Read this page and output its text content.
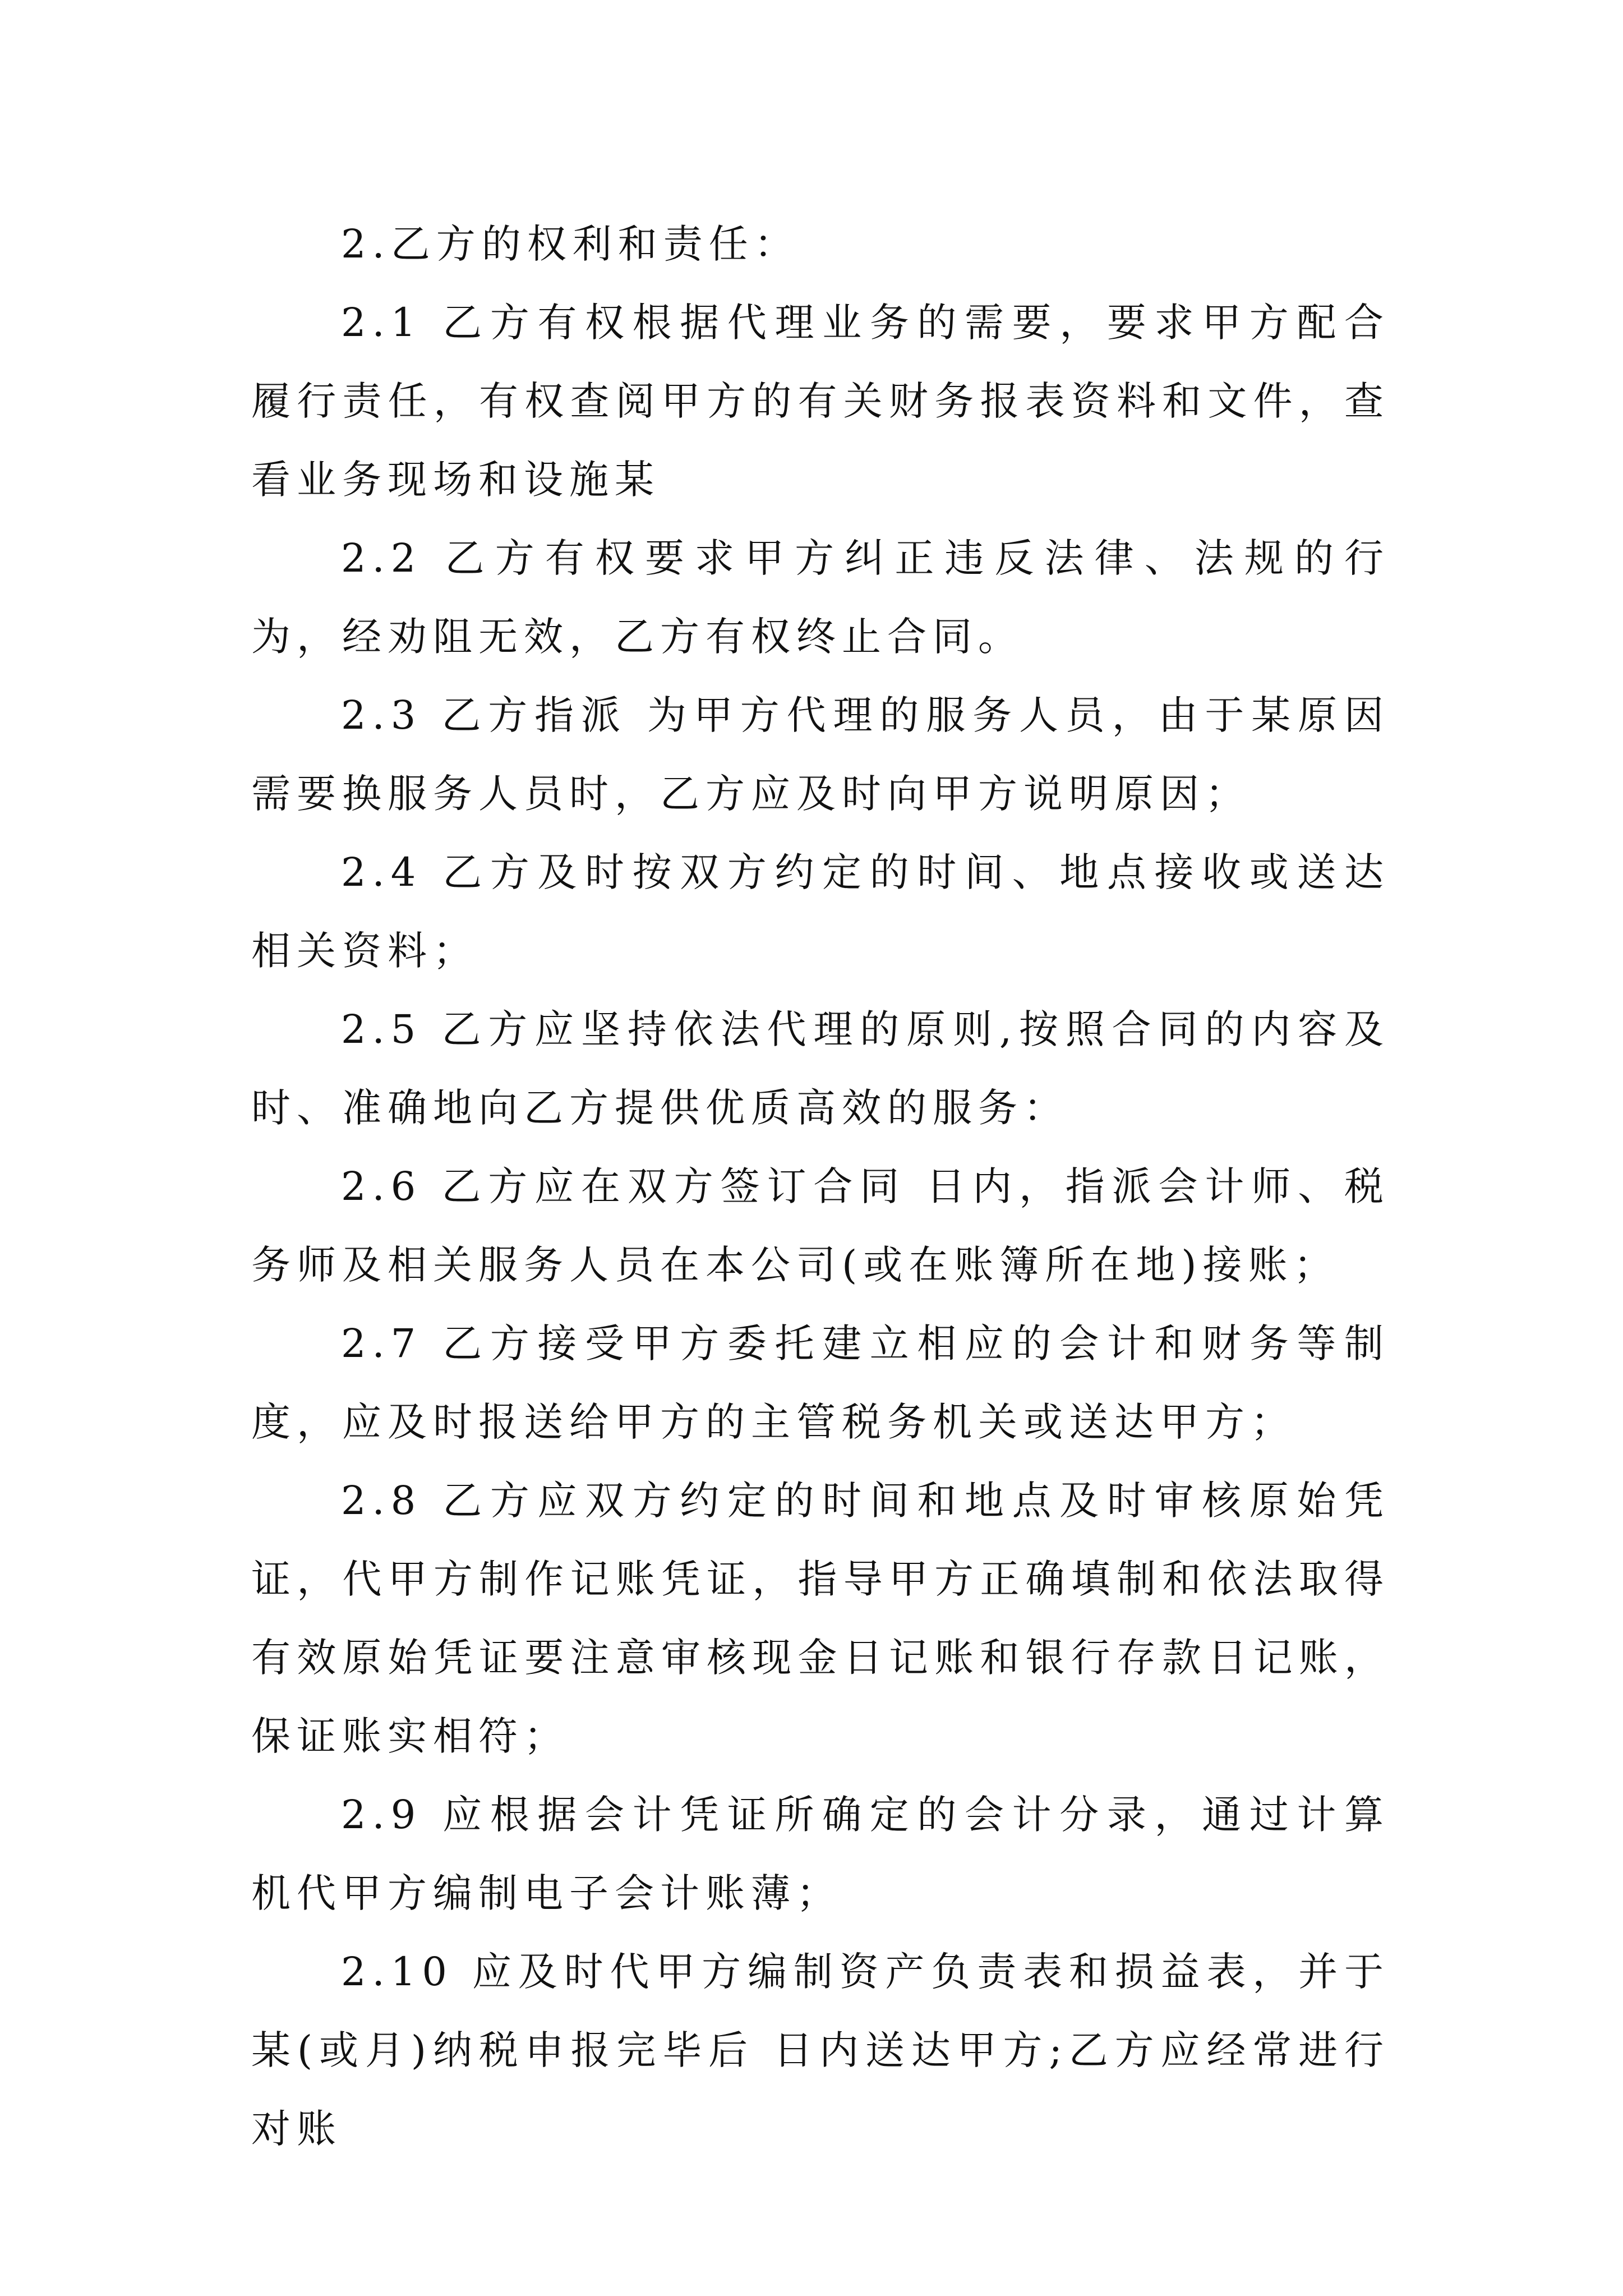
2.乙方的权利和责任：

2.1 乙方有权根据代理业务的需要，要求甲方配合履行责任，有权查阅甲方的有关财务报表资料和文件，查看业务现场和设施某

2.2 乙方有权要求甲方纠正违反法律、法规的行为，经劝阻无效，乙方有权终止合同。

2.3 乙方指派 为甲方代理的服务人员，由于某原因需要换服务人员时，乙方应及时向甲方说明原因；

2.4 乙方及时按双方约定的时间、地点接收或送达相关资料；

2.5 乙方应坚持依法代理的原则,按照合同的内容及时、准确地向乙方提供优质高效的服务：

2.6 乙方应在双方签订合同 日内，指派会计师、税务师及相关服务人员在本公司(或在账簿所在地)接账；

2.7 乙方接受甲方委托建立相应的会计和财务等制度，应及时报送给甲方的主管税务机关或送达甲方；

2.8 乙方应双方约定的时间和地点及时审核原始凭证，代甲方制作记账凭证，指导甲方正确填制和依法取得有效原始凭证要注意审核现金日记账和银行存款日记账，保证账实相符；

2.9 应根据会计凭证所确定的会计分录，通过计算机代甲方编制电子会计账薄；

2.10 应及时代甲方编制资产负责表和损益表，并于某(或月)纳税申报完毕后 日内送达甲方;乙方应经常进行对账
